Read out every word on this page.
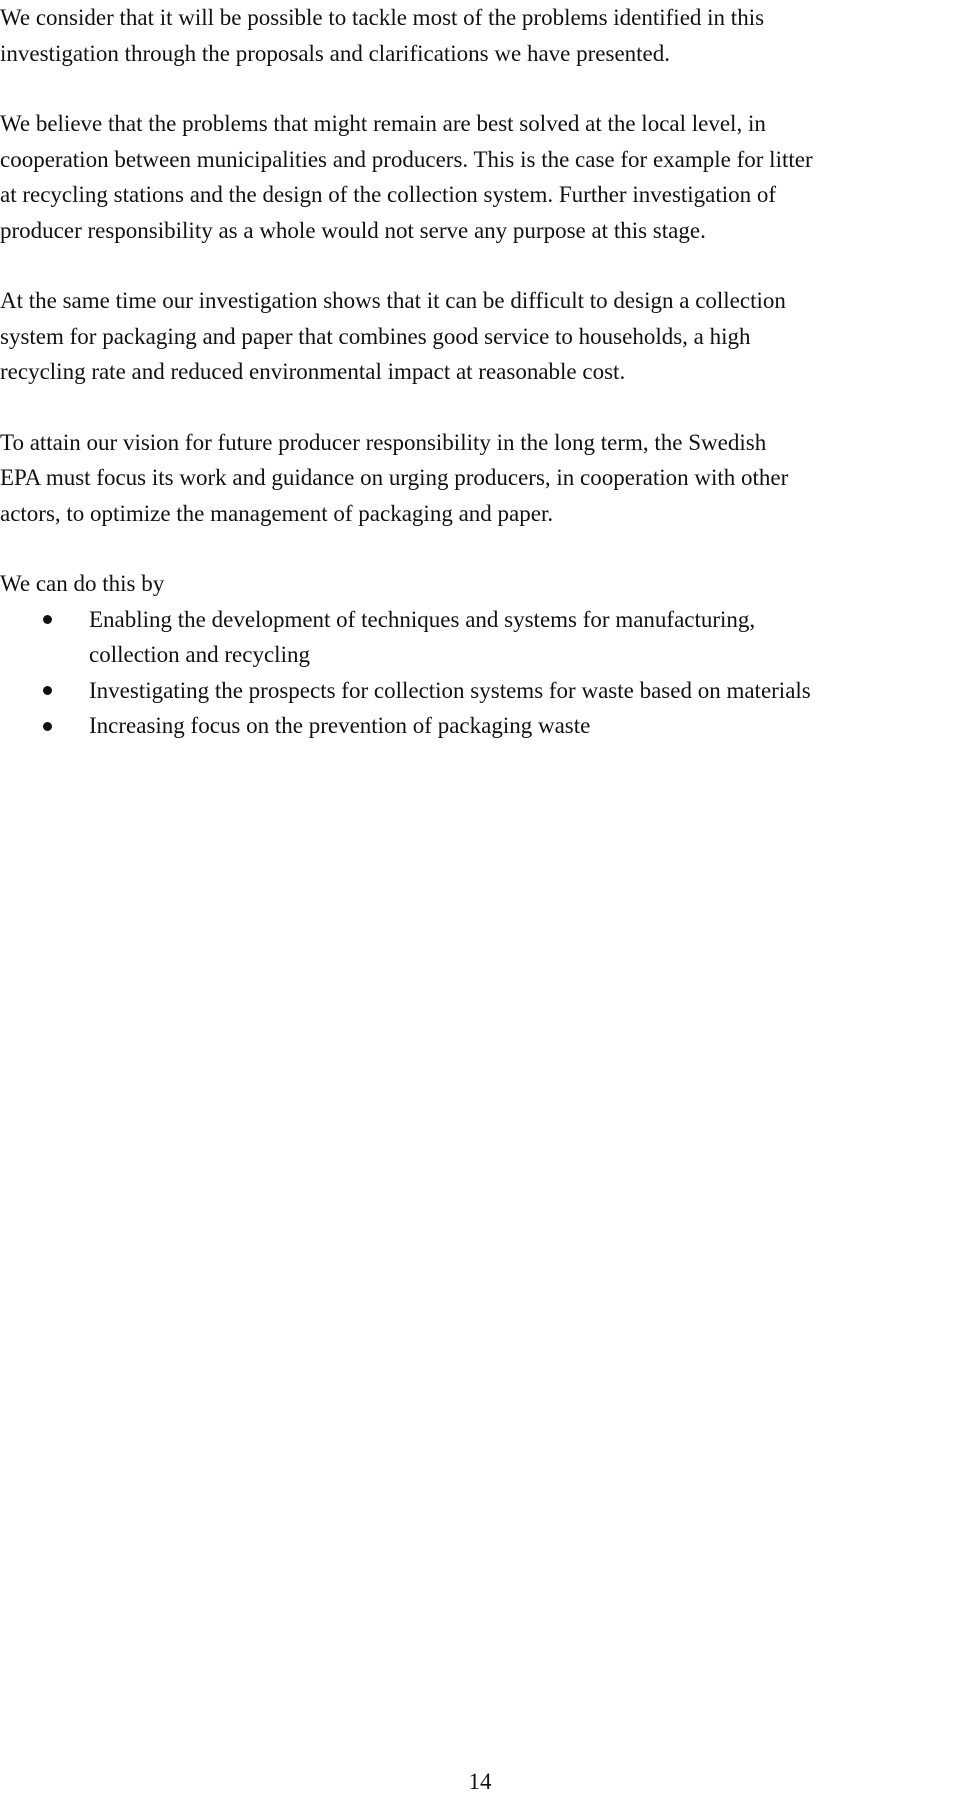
We consider that it will be possible to tackle most of the problems identified in this
investigation through the proposals and clarifications we have presented.

We believe that the problems that might remain are best solved at the local level, in
cooperation between municipalities and producers. This is the case for example for litter
at recycling stations and the design of the collection system. Further investigation of
producer responsibility as a whole would not serve any purpose at this stage.

At the same time our investigation shows that it can be difficult to design a collection
system for packaging and paper that combines good service to households, a high
recycling rate and reduced environmental impact at reasonable cost.

To attain our vision for future producer responsibility in the long term, the Swedish
EPA must focus its work and guidance on urging producers, in cooperation with other
actors, to optimize the management of packaging and paper.

We can do this by

Enabling the development of techniques and systems for manufacturing,
collection and recycling
Investigating the prospects for collection systems for waste based on materials
Increasing focus on the prevention of packaging waste
14
